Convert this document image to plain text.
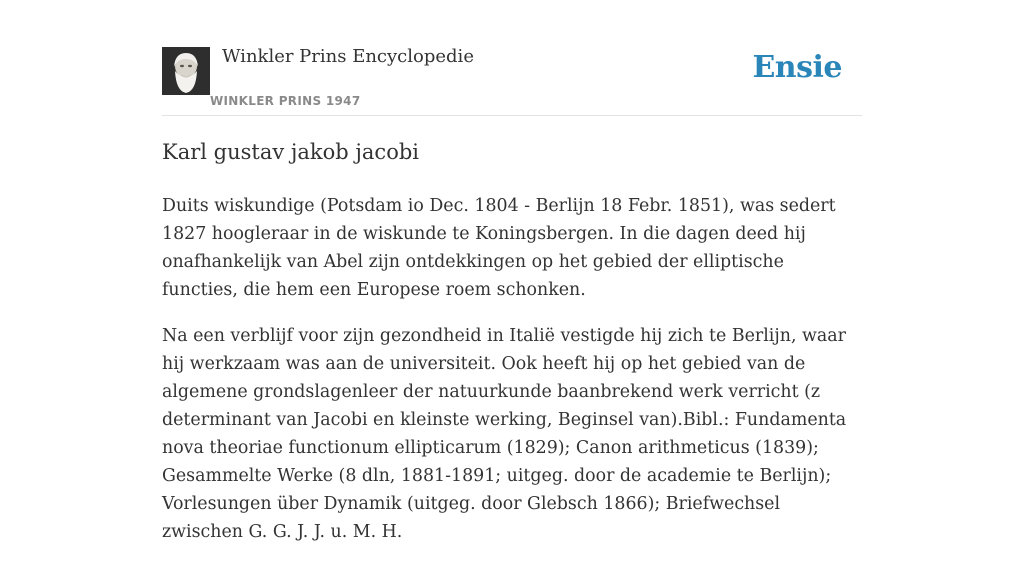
Winkler Prins Encyclopedie
WINKLER PRINS 1947
Ensie
Karl gustav jakob jacobi

Duits wiskundige (Potsdam io Dec. 1804 - Berlijn 18 Febr. 1851), was sedert 1827 hoogleraar in de wiskunde te Koningsbergen. In die dagen deed hij onafhankelijk van Abel zijn ontdekkingen op het gebied der elliptische functies, die hem een Europese roem schonken.

Na een verblijf voor zijn gezondheid in Italië vestigde hij zich te Berlijn, waar hij werkzaam was aan de universiteit. Ook heeft hij op het gebied van de algemene grondslagenleer der natuurkunde baanbrekend werk verricht (z determinant van Jacobi en kleinste werking, Beginsel van).Bibl.: Fundamenta nova theoriae functionum ellipticarum (1829); Canon arithmeticus (1839); Gesammelte Werke (8 dln, 1881-1891; uitgeg. door de academie te Berlijn); Vorlesungen über Dynamik (uitgeg. door Glebsch 1866); Briefwechsel zwischen G. G. J. J. u. M. H.
